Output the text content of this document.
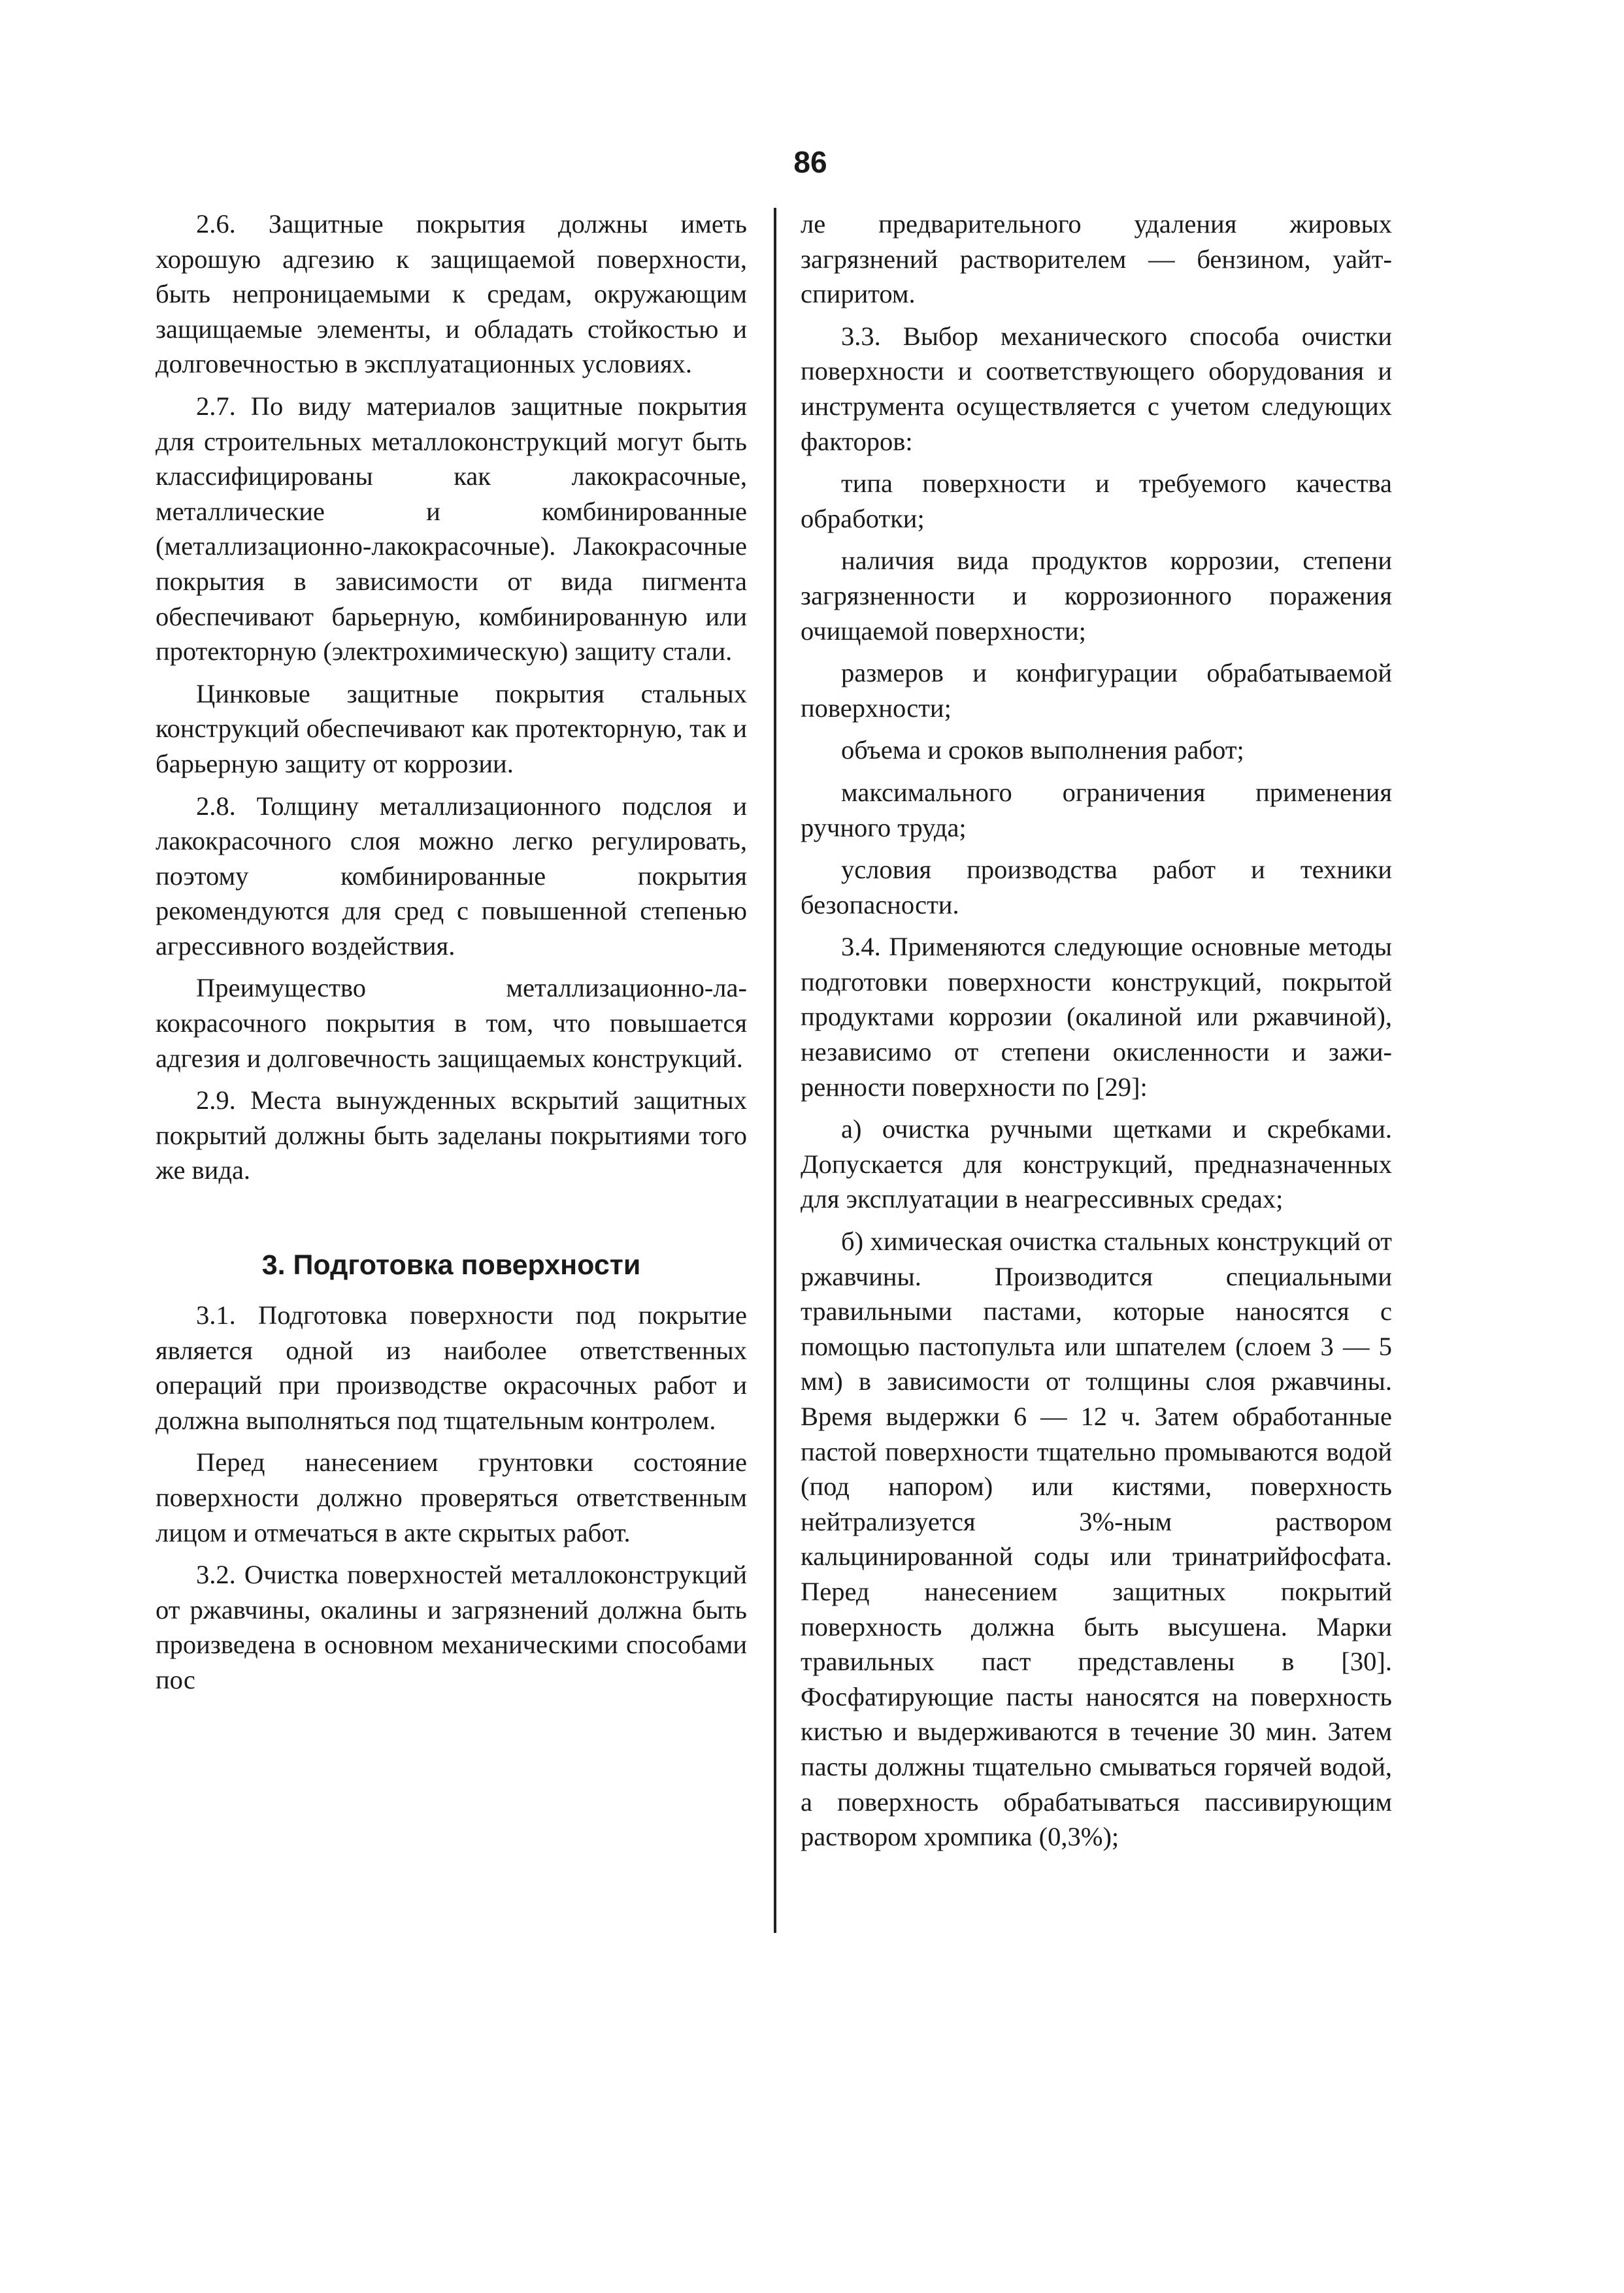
86

2.6. Защитные покрытия должны иметь хорошую адгезию к защищаемой поверхности, быть непроницаемыми к средам, окружающим защищаемые элементы, и обладать стойкостью и долговечностью в эксплуатационных условиях.

2.7. По виду материалов защитные покрытия для строительных металлоконструкций могут быть классифицированы как лакокрасочные, металлические и комбинированные (металлизационно-лакокрасочные). Лакокрасочные покрытия в зависимости от вида пигмента обеспечивают барьерную, комбинированную или протекторную (электрохимическую) защиту стали.

Цинковые защитные покрытия стальных конструкций обеспечивают как протекторную, так и барьерную защиту от коррозии.

2.8. Толщину металлизационного подслоя и лакокрасочного слоя можно легко регулировать, поэтому комбинированные покрытия рекомендуются для сред с повышенной степенью агрессивного воздействия.

Преимущество металлизационно-лакокрасочного покрытия в том, что повышается адгезия и долговечность защищаемых конструкций.

2.9. Места вынужденных вскрытий защитных покрытий должны быть заделаны покрытиями того же вида.

3. Подготовка поверхности

3.1. Подготовка поверхности под покрытие является одной из наиболее ответственных операций при производстве окрасочных работ и должна выполняться под тщательным контролем.

Перед нанесением грунтовки состояние поверхности должно проверяться ответственным лицом и отмечаться в акте скрытых работ.

3.2. Очистка поверхностей металлоконструкций от ржавчины, окалины и загрязнений должна быть произведена в основном механическими способами пос

ле предварительного удаления жировых загрязнений растворителем — бензином, уайт-спиритом.

3.3. Выбор механического способа очистки поверхности и соответствующего оборудования и инструмента осуществляется с учетом следующих факторов:

типа поверхности и требуемого качества обработки;

наличия вида продуктов коррозии, степени загрязненности и коррозионного поражения очищаемой поверхности;

размеров и конфигурации обрабатываемой поверхности;

объема и сроков выполнения работ;

максимального ограничения применения ручного труда;

условия производства работ и техники безопасности.

3.4. Применяются следующие основные методы подготовки поверхности конструкций, покрытой продуктами коррозии (окалиной или ржавчиной), независимо от степени окисленности и зажиренности поверхности по [29]:

а) очистка ручными щетками и скребками. Допускается для конструкций, предназначенных для эксплуатации в неагрессивных средах;

б) химическая очистка стальных конструкций от ржавчины. Производится специальными травильными пастами, которые наносятся с помощью пастопульта или шпателем (слоем 3 — 5 мм) в зависимости от толщины слоя ржавчины. Время выдержки 6 — 12 ч. Затем обработанные пастой поверхности тщательно промываются водой (под напором) или кистями, поверхность нейтрализуется 3%-ным раствором кальцинированной соды или тринатрийфосфата. Перед нанесением защитных покрытий поверхность должна быть высушена. Марки травильных паст представлены в [30]. Фосфатирующие пасты наносятся на поверхность кистью и выдерживаются в течение 30 мин. Затем пасты должны тщательно смываться горячей водой, а поверхность обрабатываться пассивирующим раствором хромпика (0,3%);
